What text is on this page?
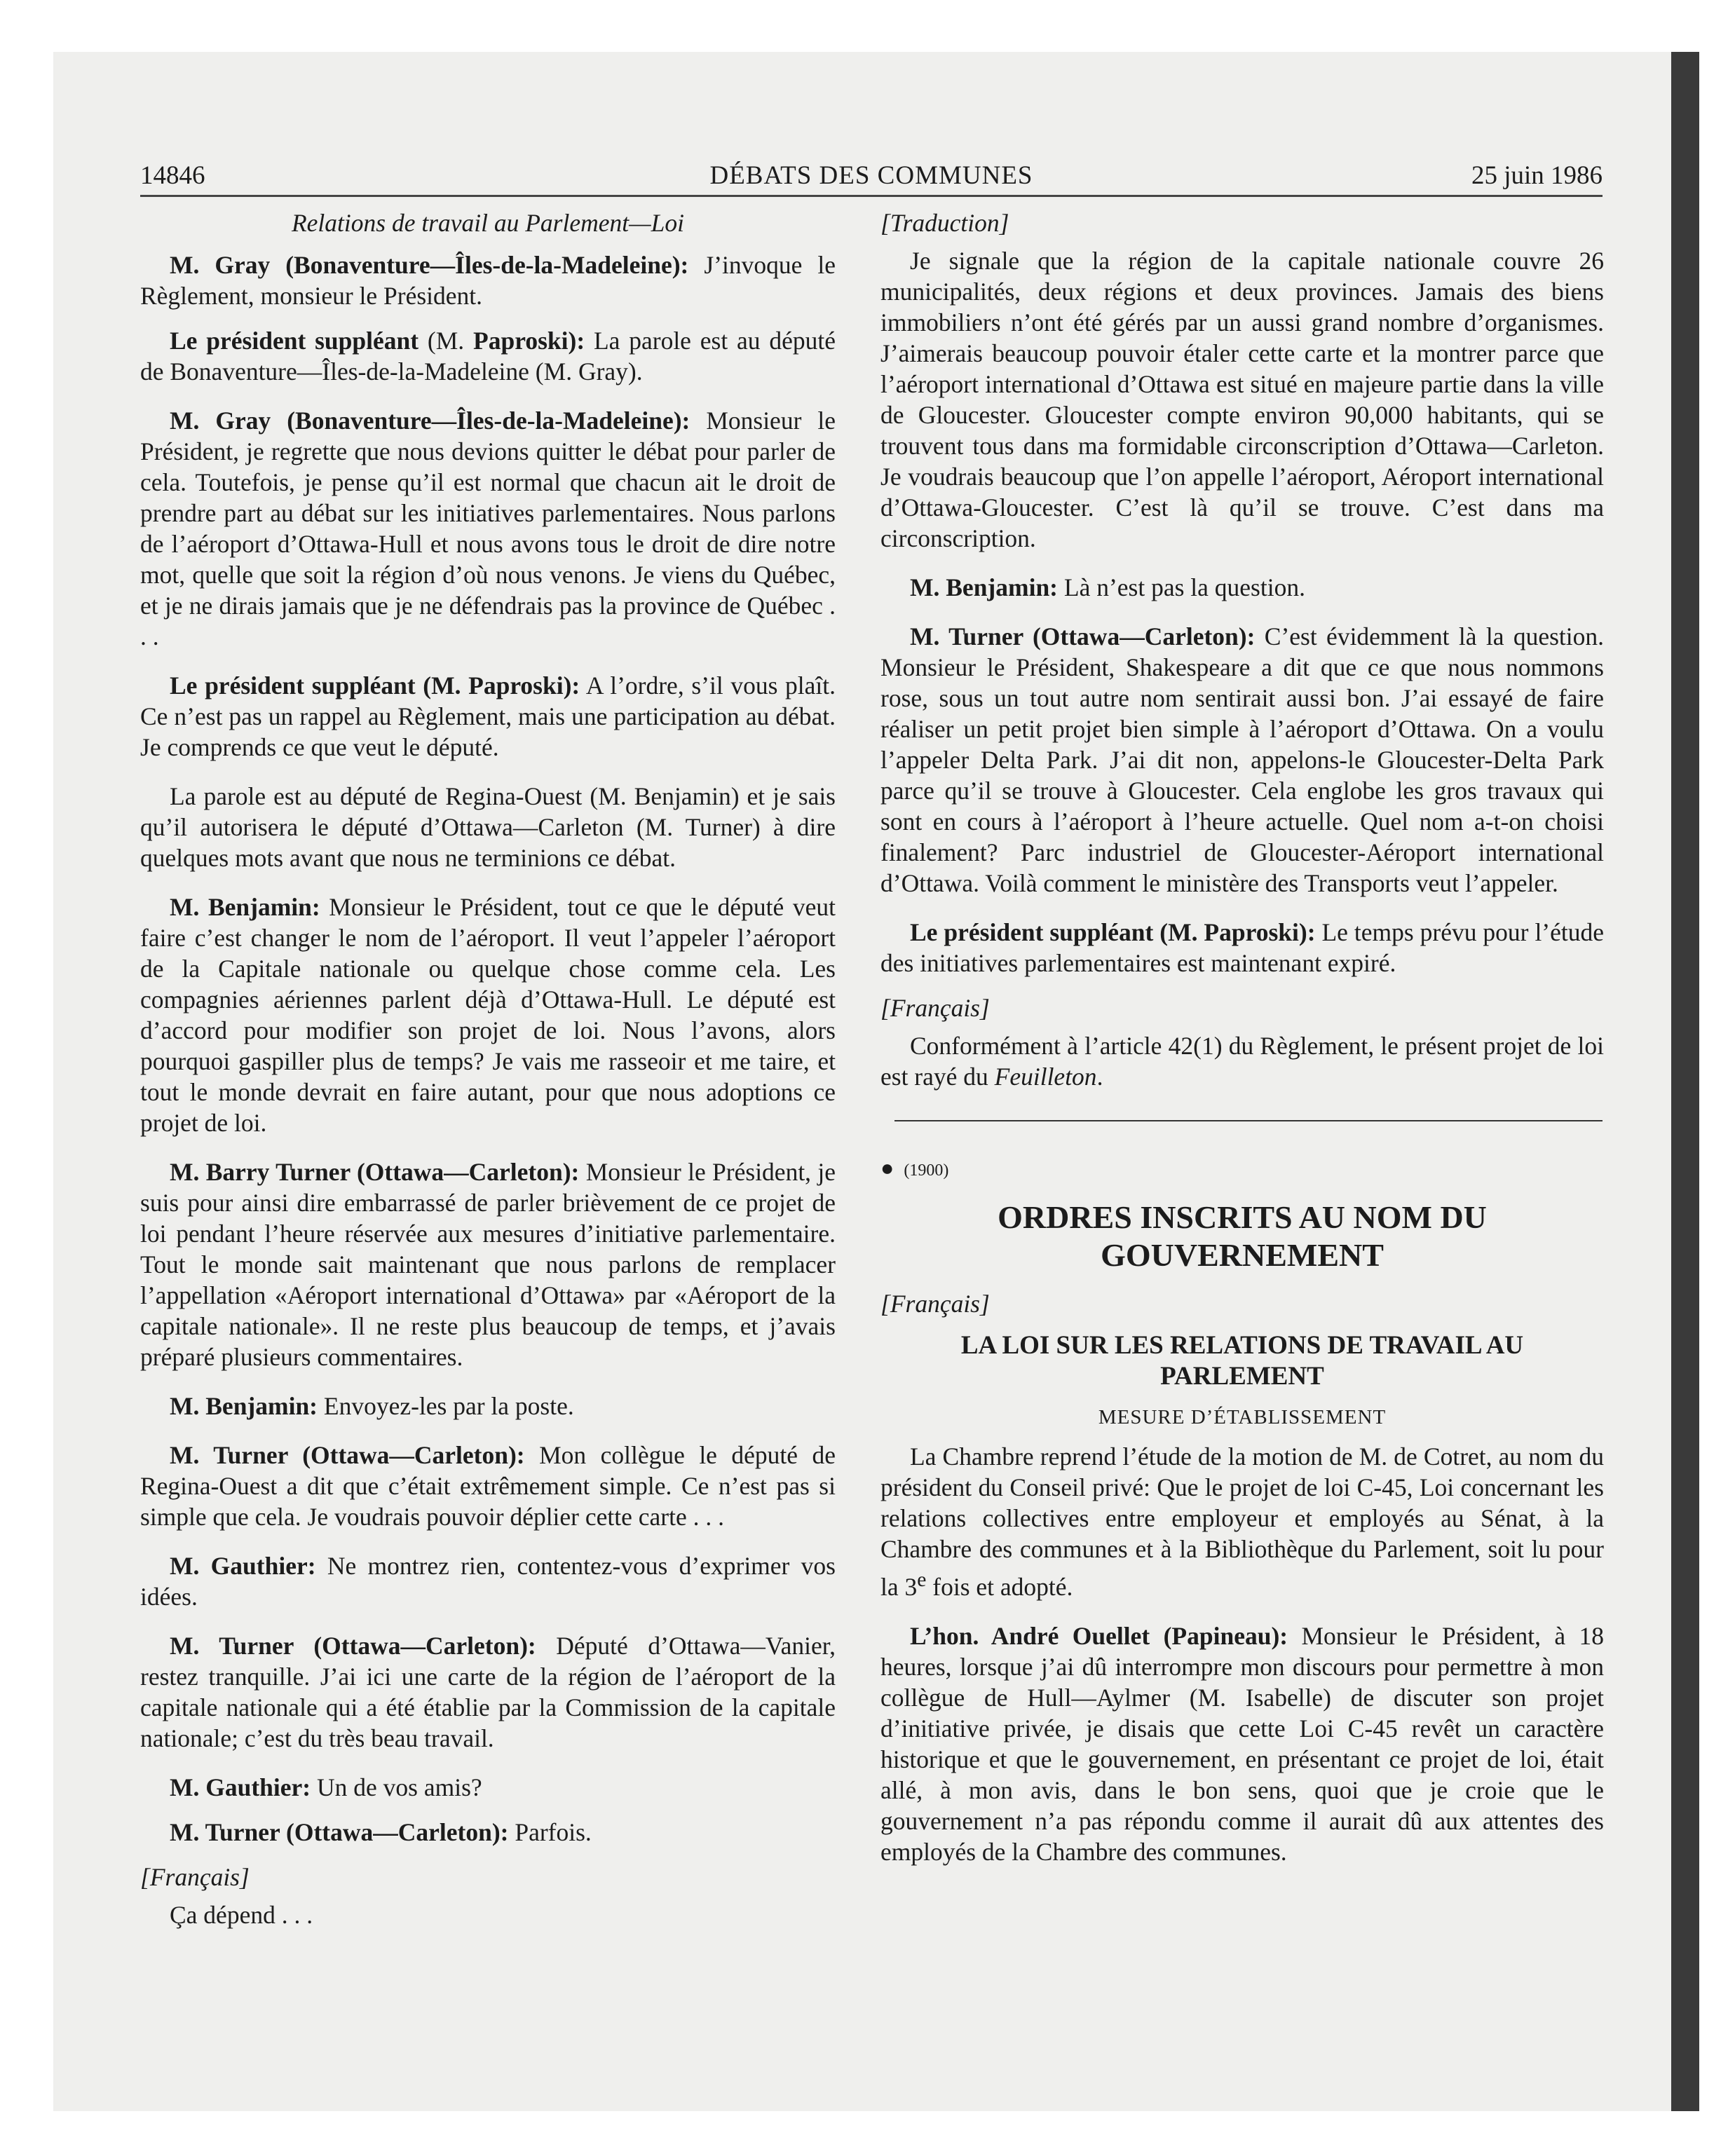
14846	DÉBATS DES COMMUNES	25 juin 1986
Relations de travail au Parlement—Loi

M. Gray (Bonaventure—Îles-de-la-Madeleine): J’invoque le Règlement, monsieur le Président.

Le président suppléant (M. Paproski): La parole est au député de Bonaventure—Îles-de-la-Madeleine (M. Gray).

M. Gray (Bonaventure—Îles-de-la-Madeleine): Monsieur le Président, je regrette que nous devions quitter le débat pour parler de cela. Toutefois, je pense qu’il est normal que chacun ait le droit de prendre part au débat sur les initiatives parlementaires. Nous parlons de l’aéroport d’Ottawa-Hull et nous avons tous le droit de dire notre mot, quelle que soit la région d’où nous venons. Je viens du Québec, et je ne dirais jamais que je ne défendrais pas la province de Québec . . .

Le président suppléant (M. Paproski): A l’ordre, s’il vous plaît. Ce n’est pas un rappel au Règlement, mais une participation au débat. Je comprends ce que veut le député.

La parole est au député de Regina-Ouest (M. Benjamin) et je sais qu’il autorisera le député d’Ottawa—Carleton (M. Turner) à dire quelques mots avant que nous ne terminions ce débat.

M. Benjamin: Monsieur le Président, tout ce que le député veut faire c’est changer le nom de l’aéroport. Il veut l’appeler l’aéroport de la Capitale nationale ou quelque chose comme cela. Les compagnies aériennes parlent déjà d’Ottawa-Hull. Le député est d’accord pour modifier son projet de loi. Nous l’avons, alors pourquoi gaspiller plus de temps? Je vais me rasseoir et me taire, et tout le monde devrait en faire autant, pour que nous adoptions ce projet de loi.

M. Barry Turner (Ottawa—Carleton): Monsieur le Président, je suis pour ainsi dire embarrassé de parler brièvement de ce projet de loi pendant l’heure réservée aux mesures d’initiative parlementaire. Tout le monde sait maintenant que nous parlons de remplacer l’appellation «Aéroport international d’Ottawa» par «Aéroport de la capitale nationale». Il ne reste plus beaucoup de temps, et j’avais préparé plusieurs commentaires.

M. Benjamin: Envoyez-les par la poste.

M. Turner (Ottawa—Carleton): Mon collègue le député de Regina-Ouest a dit que c’était extrêmement simple. Ce n’est pas si simple que cela. Je voudrais pouvoir déplier cette carte . . .

M. Gauthier: Ne montrez rien, contentez-vous d’exprimer vos idées.

M. Turner (Ottawa—Carleton): Député d’Ottawa—Vanier, restez tranquille. J’ai ici une carte de la région de l’aéroport de la capitale nationale qui a été établie par la Commission de la capitale nationale; c’est du très beau travail.

M. Gauthier: Un de vos amis?

M. Turner (Ottawa—Carleton): Parfois.

[Français]

Ça dépend . . .

[Traduction]

Je signale que la région de la capitale nationale couvre 26 municipalités, deux régions et deux provinces. Jamais des biens immobiliers n’ont été gérés par un aussi grand nombre d’organismes. J’aimerais beaucoup pouvoir étaler cette carte et la montrer parce que l’aéroport international d’Ottawa est situé en majeure partie dans la ville de Gloucester. Gloucester compte environ 90,000 habitants, qui se trouvent tous dans ma formidable circonscription d’Ottawa—Carleton. Je voudrais beaucoup que l’on appelle l’aéroport, Aéroport international d’Ottawa-Gloucester. C’est là qu’il se trouve. C’est dans ma circonscription.

M. Benjamin: Là n’est pas la question.

M. Turner (Ottawa—Carleton): C’est évidemment là la question. Monsieur le Président, Shakespeare a dit que ce que nous nommons rose, sous un tout autre nom sentirait aussi bon. J’ai essayé de faire réaliser un petit projet bien simple à l’aéroport d’Ottawa. On a voulu l’appeler Delta Park. J’ai dit non, appelons-le Gloucester-Delta Park parce qu’il se trouve à Gloucester. Cela englobe les gros travaux qui sont en cours à l’aéroport à l’heure actuelle. Quel nom a-t-on choisi finalement? Parc industriel de Gloucester-Aéroport international d’Ottawa. Voilà comment le ministère des Transports veut l’appeler.

Le président suppléant (M. Paproski): Le temps prévu pour l’étude des initiatives parlementaires est maintenant expiré.

[Français]

Conformément à l’article 42(1) du Règlement, le présent projet de loi est rayé du Feuilleton.

● (1900)
ORDRES INSCRITS AU NOM DU GOUVERNEMENT
[Français]
LA LOI SUR LES RELATIONS DE TRAVAIL AU PARLEMENT
MESURE D’ÉTABLISSEMENT

La Chambre reprend l’étude de la motion de M. de Cotret, au nom du président du Conseil privé: Que le projet de loi C-45, Loi concernant les relations collectives entre employeur et employés au Sénat, à la Chambre des communes et à la Bibliothèque du Parlement, soit lu pour la 3e fois et adopté.

L’hon. André Ouellet (Papineau): Monsieur le Président, à 18 heures, lorsque j’ai dû interrompre mon discours pour permettre à mon collègue de Hull—Aylmer (M. Isabelle) de discuter son projet d’initiative privée, je disais que cette Loi C-45 revêt un caractère historique et que le gouvernement, en présentant ce projet de loi, était allé, à mon avis, dans le bon sens, quoi que je croie que le gouvernement n’a pas répondu comme il aurait dû aux attentes des employés de la Chambre des communes.
